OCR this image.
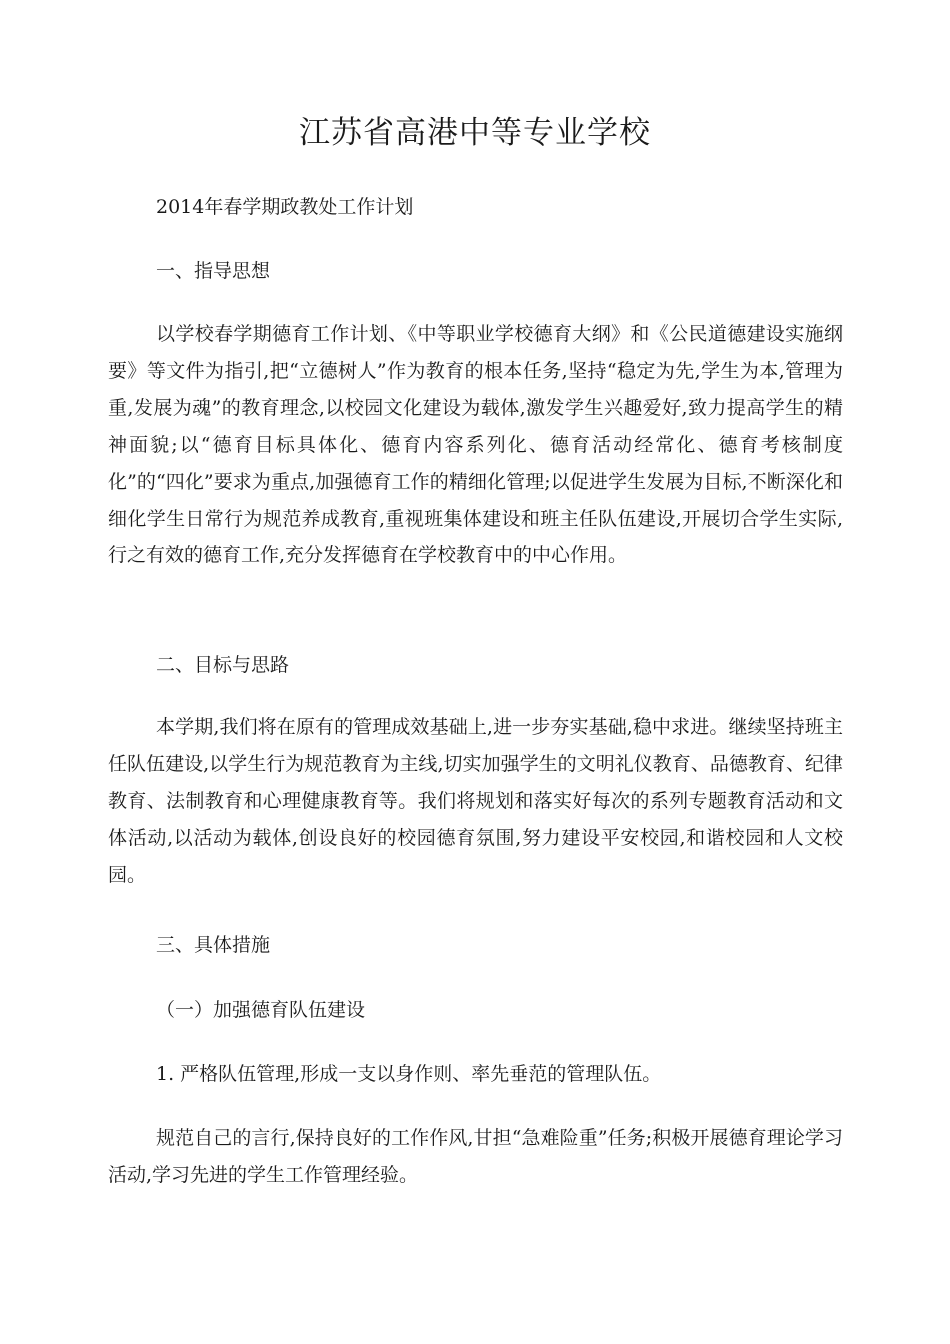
江苏省高港中等专业学校
2014年春学期政教处工作计划
一、指导思想

以学校春学期德育工作计划、《中等职业学校德育大纲》和《公民道德建设实施纲要》等文件为指引,把“立德树人”作为教育的根本任务,坚持“稳定为先,学生为本,管理为重,发展为魂”的教育理念,以校园文化建设为载体,激发学生兴趣爱好,致力提高学生的精神面貌;以“德育目标具体化、德育内容系列化、德育活动经常化、德育考核制度化”的“四化”要求为重点,加强德育工作的精细化管理;以促进学生发展为目标,不断深化和细化学生日常行为规范养成教育,重视班集体建设和班主任队伍建设,开展切合学生实际,行之有效的德育工作,充分发挥德育在学校教育中的中心作用。

二、目标与思路

本学期,我们将在原有的管理成效基础上,进一步夯实基础,稳中求进。继续坚持班主任队伍建设,以学生行为规范教育为主线,切实加强学生的文明礼仪教育、品德教育、纪律教育、法制教育和心理健康教育等。我们将规划和落实好每次的系列专题教育活动和文体活动,以活动为载体,创设良好的校园德育氛围,努力建设平安校园,和谐校园和人文校园。

三、具体措施
（一）加强德育队伍建设
1. 严格队伍管理,形成一支以身作则、率先垂范的管理队伍。

规范自己的言行,保持良好的工作作风,甘担“急难险重”任务;积极开展德育理论学习活动,学习先进的学生工作管理经验。
